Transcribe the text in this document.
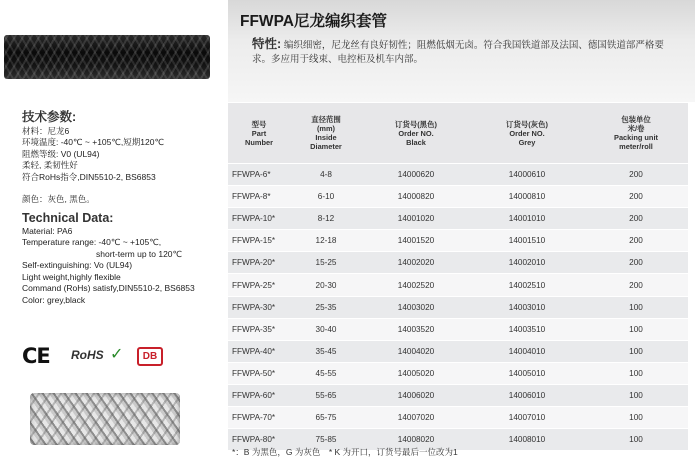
技术参数:
材料：尼龙6
环境温度: -40℃ ~ +105℃,短期120℃
阻燃等级: V0 (UL94)
柔轻, 柔韧性好
符合RoHs指令,DIN5510-2, BS6853
颜色：灰色, 黑色。
Technical Data:
Material: PA6
Temperature range: -40℃ ~ +105℃,
short-term up to 120℃
Self-extinguishing: Vo (UL94)
Light weight,highly flexible
Command (RoHs) satisfy,DIN5510-2, BS6853
Color: grey,black
CE RoHS ✓	DB
FFWPA尼龙编织套管
特性: 编织细密，尼龙丝有良好韧性；阻燃低烟无卤。符合我国铁道部及法国、德国铁道部严格要求。多应用于线束、电控柜及机车内部。
型号
Part
Number	直径范围
(mm)
Inside
Diameter	订货号(黑色)
Order NO.
Black	订货号(灰色)
Order NO.
Grey	包装单位
米/卷
Packing unit
meter/roll
FFWPA-6*	4-8	14000620	14000610	200
FFWPA-8*	6-10	14000820	14000810	200
FFWPA-10*	8-12	14001020	14001010	200
FFWPA-15*	12-18	14001520	14001510	200
FFWPA-20*	15-25	14002020	14002010	200
FFWPA-25*	20-30	14002520	14002510	200
FFWPA-30*	25-35	14003020	14003010	100
FFWPA-35*	30-40	14003520	14003510	100
FFWPA-40*	35-45	14004020	14004010	100
FFWPA-50*	45-55	14005020	14005010	100
FFWPA-60*	55-65	14006020	14006010	100
FFWPA-70*	65-75	14007020	14007010	100
FFWPA-80*	75-85	14008020	14008010	100
*：B 为黑色，G 为灰色　* K 为开口，订货号最后一位改为1
